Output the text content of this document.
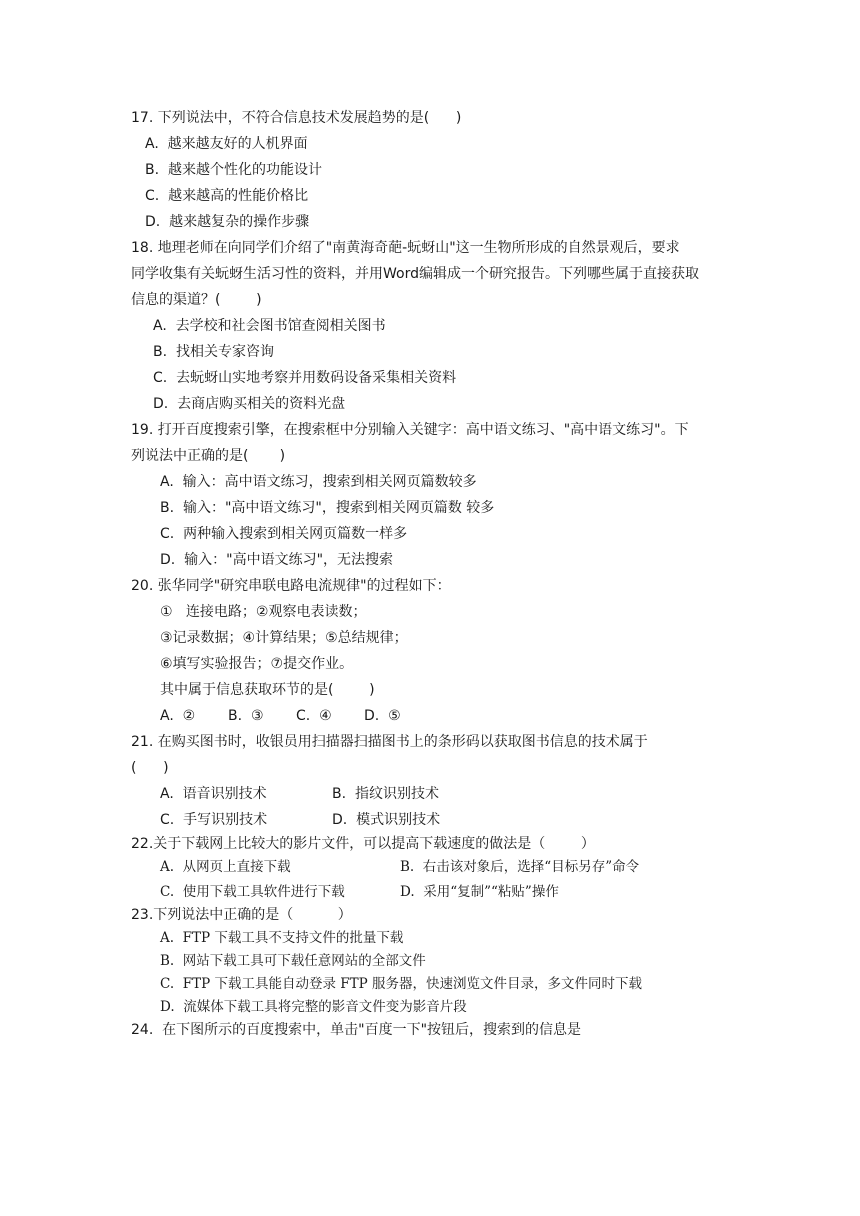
17. 下列说法中，不符合信息技术发展趋势的是(      )
A.  越来越友好的人机界面
B.  越来越个性化的功能设计
C.  越来越高的性能价格比
D.  越来越复杂的操作步骤
18. 地理老师在向同学们介绍了"南黄海奇葩-蚖蚜山"这一生物所形成的自然景观后，要求
同学收集有关蚖蚜生活习性的资料，并用Word编辑成一个研究报告。下列哪些属于直接获取
信息的渠道？(        )
A.  去学校和社会图书馆查阅相关图书
B.  找相关专家咨询
C.  去蚖蚜山实地考察并用数码设备采集相关资料
D.  去商店购买相关的资料光盘
19. 打开百度搜索引擎，在搜索框中分别输入关键字：高中语文练习、"高中语文练习"。下
列说法中正确的是(       )
A.  输入：高中语文练习，搜索到相关网页篇数较多
B.  输入："高中语文练习"，搜索到相关网页篇数 较多
C.  两种输入搜索到相关网页篇数一样多
D.  输入："高中语文练习"，无法搜索
20. 张华同学"研究串联电路电流规律"的过程如下：
①   连接电路；②观察电表读数；
③记录数据；④计算结果；⑤总结规律；
⑥填写实验报告；⑦提交作业。
其中属于信息获取环节的是(        )
A.  ② B.  ③ C.  ④ D.  ⑤
21. 在购买图书时，收银员用扫描器扫描图书上的条形码以获取图书信息的技术属于
(      )
A.  语音识别技术	B.  指纹识别技术
C.  手写识别技术	D.  模式识别技术
22.关于下载网上比较大的影片文件，可以提高下载速度的做法是（        ）
A.  从网页上直接下载	B.  右击该对象后，选择“目标另存”命令
C.  使用下载工具软件进行下载	D.  采用“复制”“粘贴”操作
23.下列说法中正确的是（          ）
A.  FTP 下载工具不支持文件的批量下载
B.  网站下载工具可下载任意网站的全部文件
C.  FTP 下载工具能自动登录 FTP 服务器，快速浏览文件目录，多文件同时下载
D.  流媒体下载工具将完整的影音文件变为影音片段
24.  在下图所示的百度搜索中，单击"百度一下"按钮后，搜索到的信息是
